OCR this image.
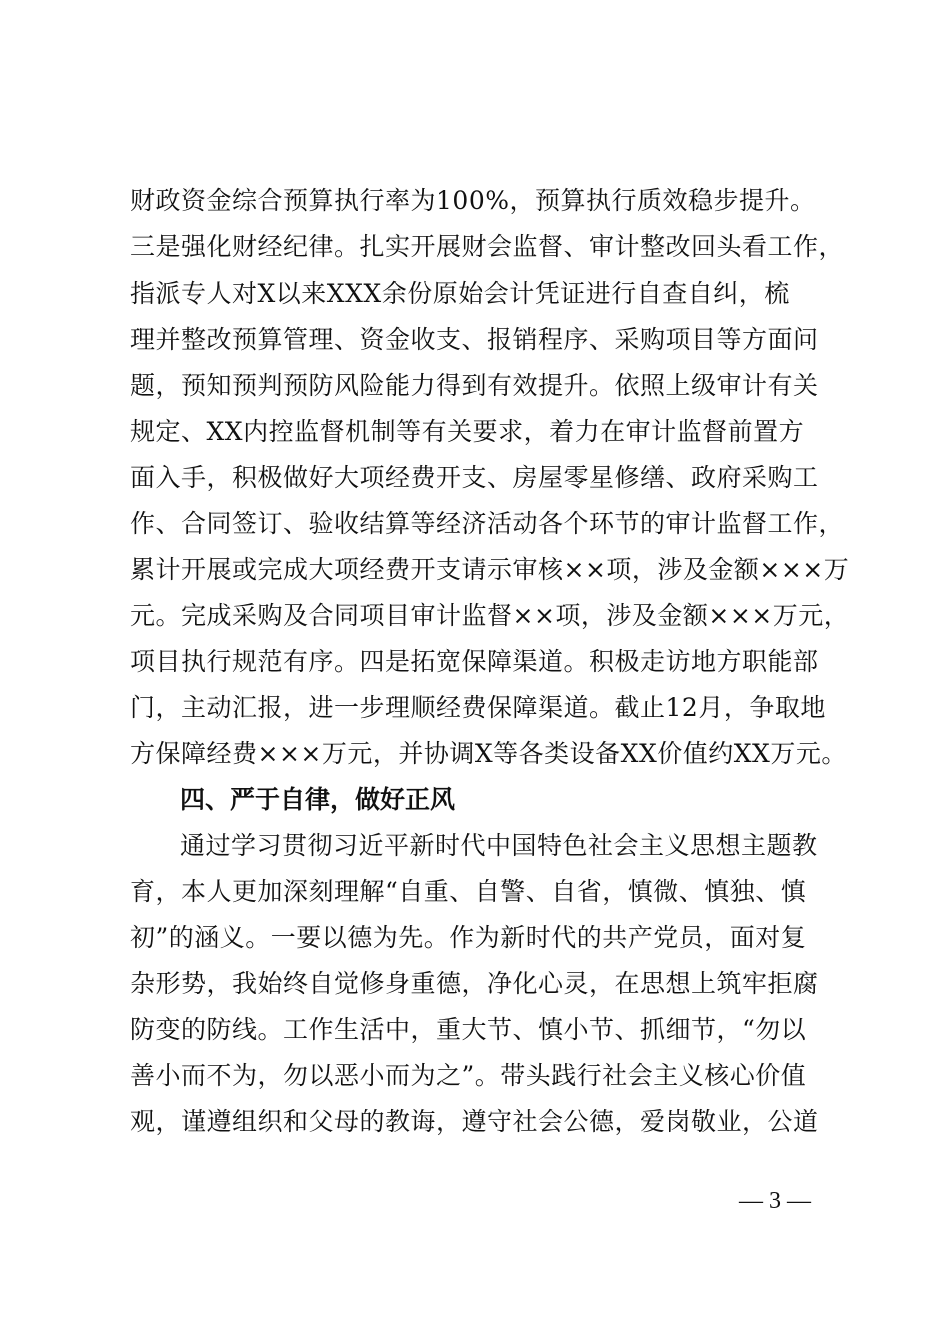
财政资金综合预算执行率为100%，预算执行质效稳步提升。
三是强化财经纪律。扎实开展财会监督、审计整改回头看工作，
指派专人对X以来XXX余份原始会计凭证进行自查自纠，梳
理并整改预算管理、资金收支、报销程序、采购项目等方面问
题，预知预判预防风险能力得到有效提升。依照上级审计有关
规定、XX内控监督机制等有关要求，着力在审计监督前置方
面入手，积极做好大项经费开支、房屋零星修缮、政府采购工
作、合同签订、验收结算等经济活动各个环节的审计监督工作，
累计开展或完成大项经费开支请示审核××项，涉及金额×××万
元。完成采购及合同项目审计监督××项，涉及金额×××万元，
项目执行规范有序。四是拓宽保障渠道。积极走访地方职能部
门，主动汇报，进一步理顺经费保障渠道。截止12月，争取地
方保障经费×××万元，并协调X等各类设备XX价值约XX万元。
四、严于自律，做好正风
通过学习贯彻习近平新时代中国特色社会主义思想主题教
育，本人更加深刻理解“自重、自警、自省，慎微、慎独、慎
初”的涵义。一要以德为先。作为新时代的共产党员，面对复
杂形势，我始终自觉修身重德，净化心灵，在思想上筑牢拒腐
防变的防线。工作生活中，重大节、慎小节、抓细节，“勿以
善小而不为，勿以恶小而为之”。带头践行社会主义核心价值
观，谨遵组织和父母的教诲，遵守社会公德，爱岗敬业，公道
— 3 —
